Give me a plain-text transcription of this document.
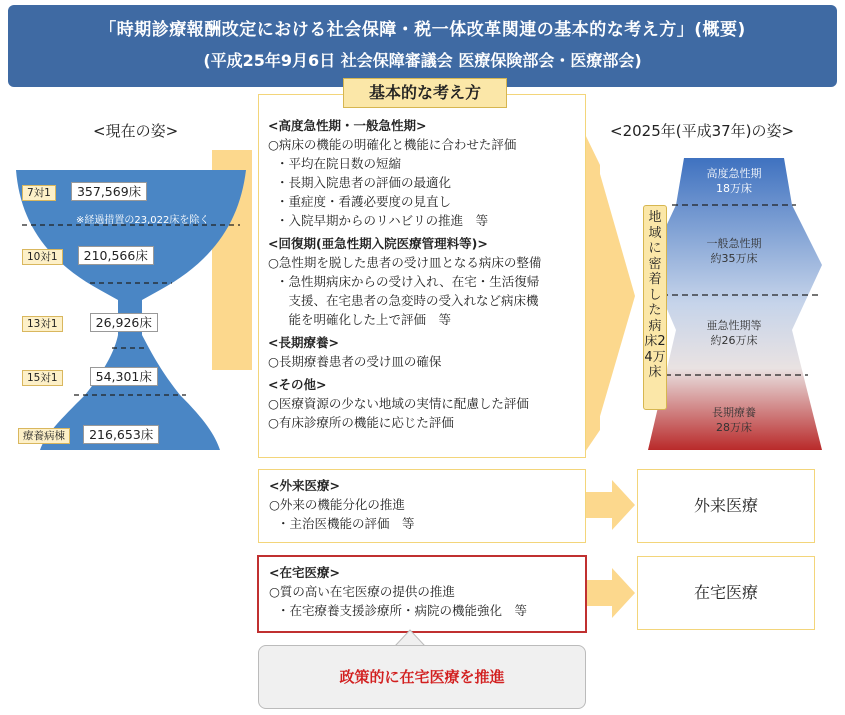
「時期診療報酬改定における社会保障・税一体改革関連の基本的な考え方」(概要)
(平成25年9月6日 社会保障審議会 医療保険部会・医療部会)
<現在の姿>	<2025年(平成37年)の姿>
7対1 357,569床
※経過措置の23,022床を除く
10対1 210,566床
13対1	26,926床
15対1	54,301床
療養病棟 216,653床
基本的な考え方
<高度急性期・一般急性期>
○病床の機能の明確化と機能に合わせた評価
・平均在院日数の短縮
・長期入院患者の評価の最適化
・重症度・看護必要度の見直し
・入院早期からのリハビリの推進　等
<回復期(亜急性期入院医療管理料等)>
○急性期を脱した患者の受け皿となる病床の整備
・急性期病床からの受け入れ、在宅・生活復帰
　支援、在宅患者の急変時の受入れなど病床機
　能を明確化した上で評価　等
<長期療養>
○長期療養患者の受け皿の確保
<その他>
○医療資源の少ない地域の実情に配慮した評価
○有床診療所の機能に応じた評価
<外来医療>
○外来の機能分化の推進
・主治医機能の評価　等
<在宅医療>
○質の高い在宅医療の提供の推進
・在宅療養支援診療所・病院の機能強化　等
政策的に在宅医療を推進
高度急性期
18万床
一般急性期
約35万床
亜急性期等
約26万床
長期療養
28万床
地域に密着した病床24万床
外来医療
在宅医療
